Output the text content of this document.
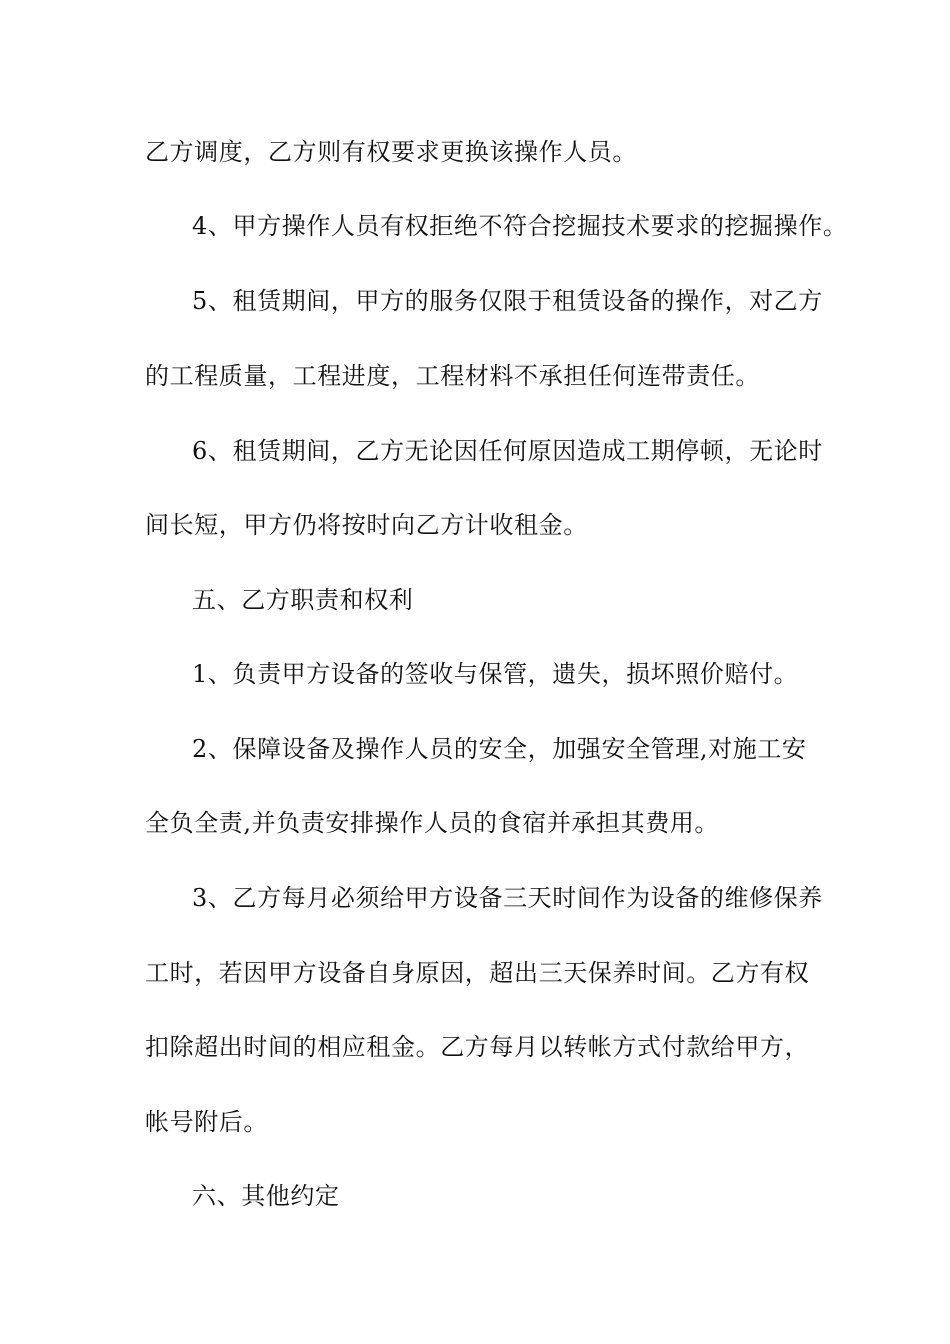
乙方调度，乙方则有权要求更换该操作人员。
4、甲方操作人员有权拒绝不符合挖掘技术要求的挖掘操作。
5、租赁期间，甲方的服务仅限于租赁设备的操作，对乙方
的工程质量，工程进度，工程材料不承担任何连带责任。
6、租赁期间，乙方无论因任何原因造成工期停顿，无论时
间长短，甲方仍将按时向乙方计收租金。
五、乙方职责和权利
1、负责甲方设备的签收与保管，遗失，损坏照价赔付。
2、保障设备及操作人员的安全，加强安全管理,对施工安
全负全责,并负责安排操作人员的食宿并承担其费用。
3、乙方每月必须给甲方设备三天时间作为设备的维修保养
工时，若因甲方设备自身原因，超出三天保养时间。乙方有权
扣除超出时间的相应租金。乙方每月以转帐方式付款给甲方，
帐号附后。
六、其他约定
